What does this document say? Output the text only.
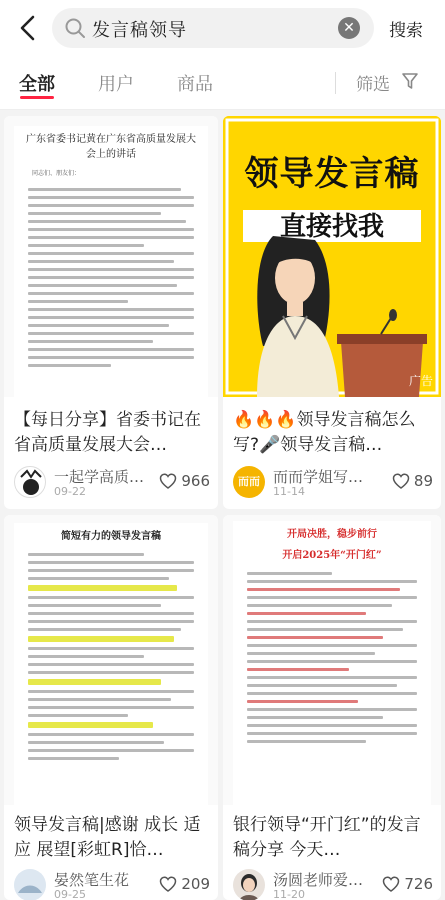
发言稿领导	✕	搜索
全部 用户 商品	筛选
广东省委书记黄在广东省高质量发展大会上的讲话
同志们、朋友们：
【每日分享】省委书记在省高质量发展大会…
一起学高质…
09-22
966
领导发言稿
直接找我
广告
🔥🔥🔥领导发言稿怎么写?🎤领导发言稿…
而而 而而学姐写…
11-14
89
简短有力的领导发言稿
领导发言稿|感谢 成长 适应 展望[彩虹R]恰…
晏然笔生花
09-25
209
开局决胜，稳步前行
开启2025年“开门红”
银行领导“开门红”的发言稿分享 今天…
汤圆老师爱…
11-20
726
